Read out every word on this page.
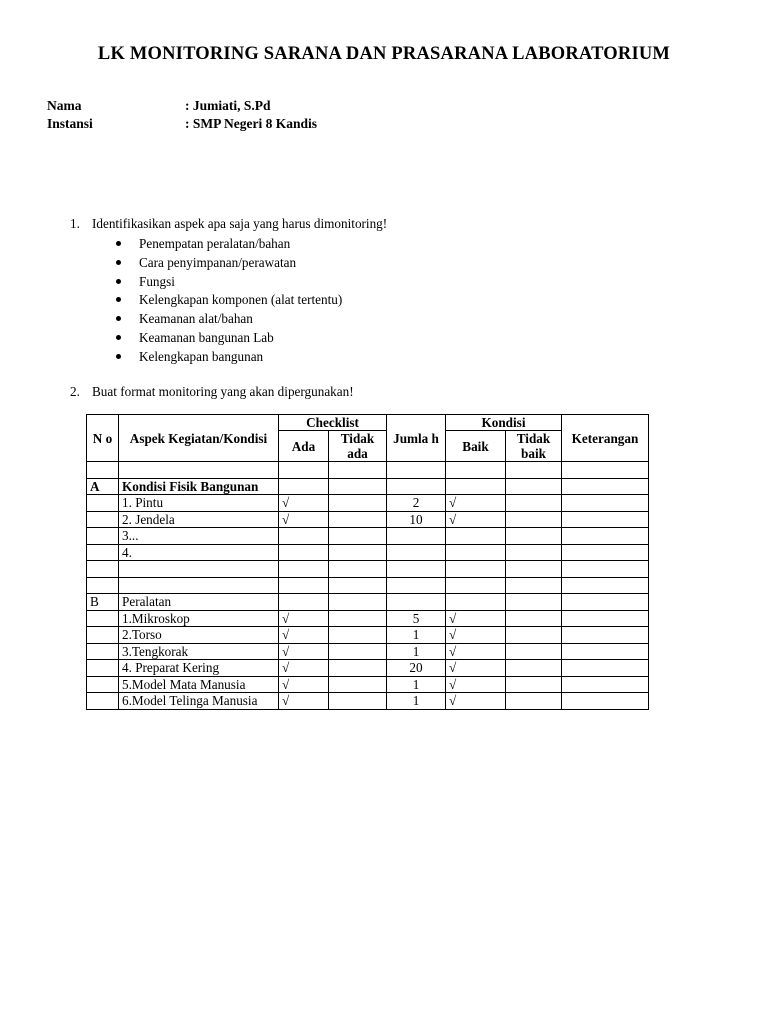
LK MONITORING SARANA DAN PRASARANA LABORATORIUM
Nama	: Jumiati, S.Pd
Instansi	: SMP Negeri 8 Kandis
1. Identifikasikan aspek apa saja yang harus dimonitoring!
Penempatan peralatan/bahan
Cara penyimpanan/perawatan
Fungsi
Kelengkapan komponen (alat tertentu)
Keamanan alat/bahan
Keamanan bangunan Lab
Kelengkapan bangunan
2. Buat format monitoring yang akan dipergunakan!
N o	Aspek Kegiatan/Kondisi	Checklist		Jumla h	Kondisi		Keterangan
		Ada	Tidak ada		Baik	Tidak baik	

A	Kondisi Fisik Bangunan						
	1. Pintu	√		2	√		
	2. Jendela	√		10	√		
	3...						
	4.						

B	Peralatan						
	1.Mikroskop	√		5	√		
	2.Torso	√		1	√		
	3.Tengkorak	√		1	√		
	4. Preparat Kering	√		20	√		
	5.Model Mata Manusia	√		1	√		
	6.Model Telinga Manusia	√		1	√		
